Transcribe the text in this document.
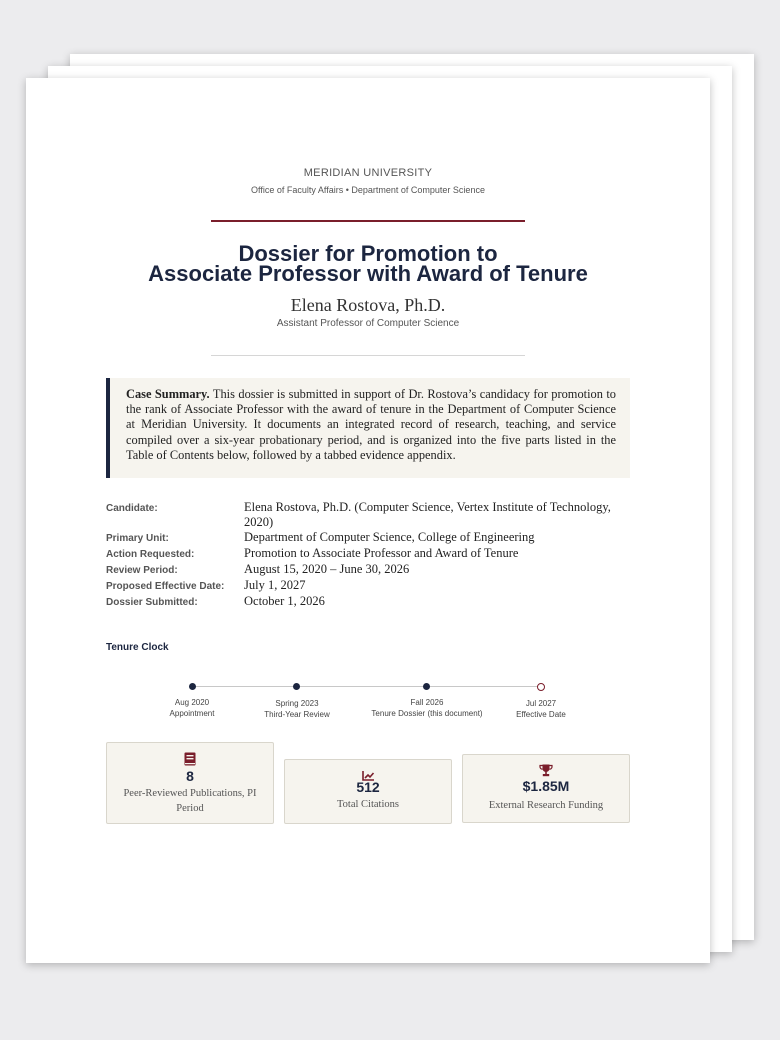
MERIDIAN UNIVERSITY
Office of Faculty Affairs • Department of Computer Science
Dossier for Promotion to
Associate Professor with Award of Tenure
Elena Rostova, Ph.D.
Assistant Professor of Computer Science
Case Summary. This dossier is submitted in support of Dr. Rostova’s candidacy for promotion to the rank of Associate Professor with the award of tenure in the Department of Computer Science at Meridian University. It documents an integrated record of research, teaching, and service compiled over a six-year probationary period, and is organized into the five parts listed in the Table of Contents below, followed by a tabbed evidence appendix.
Candidate:	Elena Rostova, Ph.D. (Computer Science, Vertex Institute of Technology, 2020)
Primary Unit:	Department of Computer Science, College of Engineering
Action Requested:	Promotion to Associate Professor and Award of Tenure
Review Period:	August 15, 2020 – June 30, 2026
Proposed Effective Date:	July 1, 2027
Dossier Submitted:	October 1, 2026
Tenure Clock
Aug 2020
Appointment
Spring 2023
Third-Year Review
Fall 2026
Tenure Dossier (this document)
Jul 2027
Effective Date
8
Peer-Reviewed Publications, PI Period
512
Total Citations
$1.85M
External Research Funding
